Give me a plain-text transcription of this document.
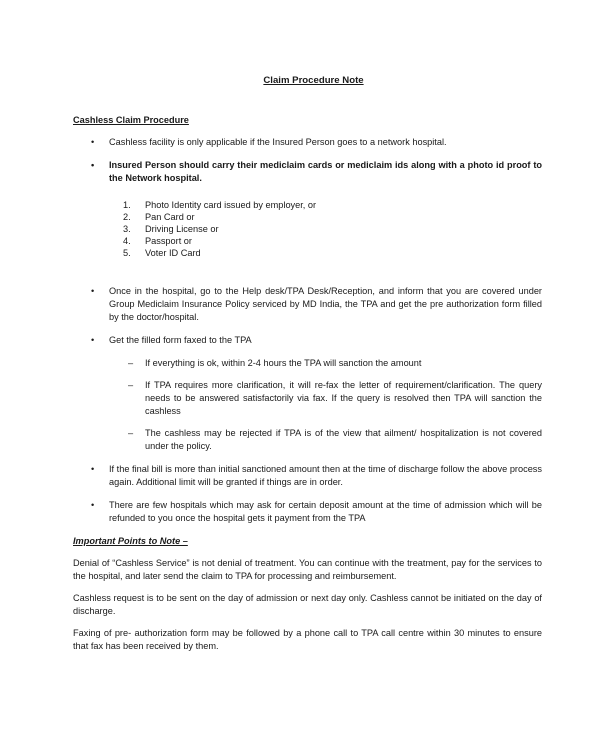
Claim Procedure Note
Cashless Claim Procedure
• Cashless facility is only applicable if the Insured Person goes to a network hospital.
• Insured Person should carry their mediclaim cards or mediclaim ids along with a photo id proof to the Network hospital.
1. Photo Identity card issued by employer, or
2. Pan Card or
3. Driving License or
4. Passport or
5. Voter ID Card
• Once in the hospital, go to the Help desk/TPA Desk/Reception, and inform that you are covered under Group Mediclaim Insurance Policy serviced by MD India, the TPA and get the pre authorization form filled by the doctor/hospital.
• Get the filled form faxed to the TPA
– If everything is ok, within 2-4 hours the TPA will sanction the amount
– If TPA requires more clarification, it will re-fax the letter of requirement/clarification. The query needs to be answered satisfactorily via fax. If the query is resolved then TPA will sanction the cashless
– The cashless may be rejected if TPA is of the view that ailment/ hospitalization is not covered under the policy.
• If the final bill is more than initial sanctioned amount then at the time of discharge follow the above process again. Additional limit will be granted if things are in order.
• There are few hospitals which may ask for certain deposit amount at the time of admission which will be refunded to you once the hospital gets it payment from the TPA
Important Points to Note –

Denial of “Cashless Service” is not denial of treatment. You can continue with the treatment, pay for the services to the hospital, and later send the claim to TPA for processing and reimbursement.

Cashless request is to be sent on the day of admission or next day only. Cashless cannot be initiated on the day of discharge.

Faxing of pre- authorization form may be followed by a phone call to TPA call centre within 30 minutes to ensure that fax has been received by them.
